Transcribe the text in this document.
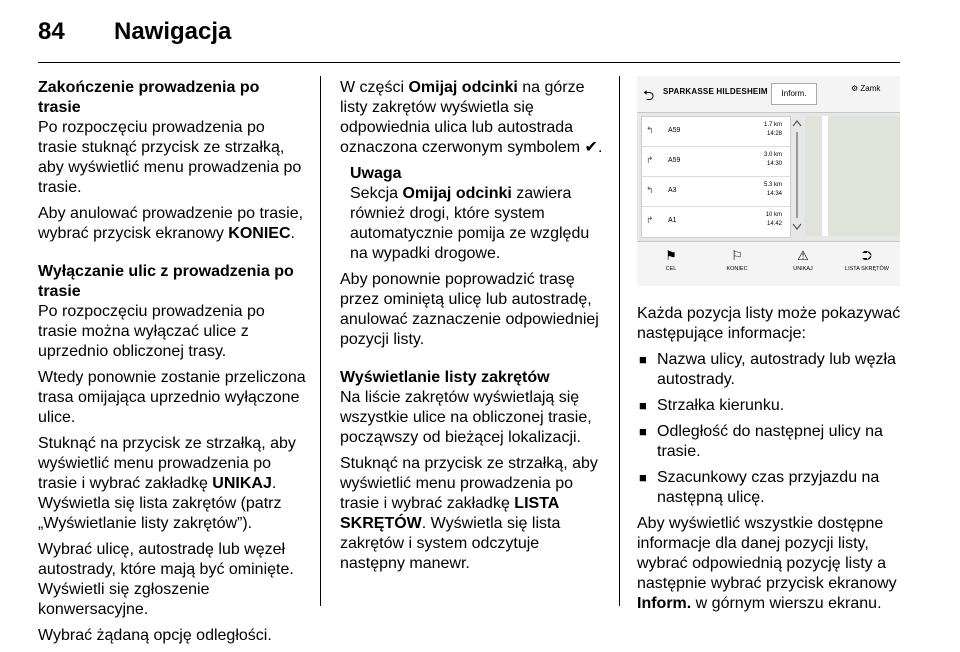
84 Nawigacja
Zakończenie prowadzenia po trasie

Po rozpoczęciu prowadzenia po trasie stuknąć przycisk ze strzałką, aby wyświetlić menu prowadzenia po trasie.

Aby anulować prowadzenie po trasie, wybrać przycisk ekranowy KONIEC.

Wyłączanie ulic z prowadzenia po trasie

Po rozpoczęciu prowadzenia po trasie można wyłączać ulice z uprzednio obliczonej trasy.

Wtedy ponownie zostanie przeliczona trasa omijająca uprzednio wyłączone ulice.

Stuknąć na przycisk ze strzałką, aby wyświetlić menu prowadzenia po trasie i wybrać zakładkę UNIKAJ. Wyświetla się lista zakrętów (patrz „Wyświetlanie listy zakrętów”).

Wybrać ulicę, autostradę lub węzeł autostrady, które mają być ominięte. Wyświetli się zgłoszenie konwersacyjne.

Wybrać żądaną opcję odległości.

W części Omijaj odcinki na górze listy zakrętów wyświetla się odpowiednia ulica lub autostrada oznaczona czerwonym symbolem ✔.

Uwaga

Sekcja Omijaj odcinki zawiera również drogi, które system automatycznie pomija ze względu na wypadki drogowe.

Aby ponownie poprowadzić trasę przez ominiętą ulicę lub autostradę, anulować zaznaczenie odpowiedniej pozycji listy.

Wyświetlanie listy zakrętów

Na liście zakrętów wyświetlają się wszystkie ulice na obliczonej trasie, począwszy od bieżącej lokalizacji.

Stuknąć na przycisk ze strzałką, aby wyświetlić menu prowadzenia po trasie i wybrać zakładkę LISTA SKRĘTÓW. Wyświetla się lista zakrętów i system odczytuje następny manewr.

⮌ SPARKASSE HILDESHEIM	Inform.
⚙ Zamk
↰ A59
1.7 km
14:28
↱ A59
3.0 km
14:30
↰ A3
5.3 km
14:34
↱ A1
10 km
14:42
⚑
CEL
⚐
KONIEC
⚠
UNIKAJ
⮊
LISTA SKRĘTÓW

Każda pozycja listy może pokazywać następujące informacje:

■ Nazwa ulicy, autostrady lub węzła autostrady.
■ Strzałka kierunku.
■ Odległość do następnej ulicy na trasie.
■ Szacunkowy czas przyjazdu na następną ulicę.

Aby wyświetlić wszystkie dostępne informacje dla danej pozycji listy, wybrać odpowiednią pozycję listy a następnie wybrać przycisk ekranowy Inform. w górnym wierszu ekranu.
